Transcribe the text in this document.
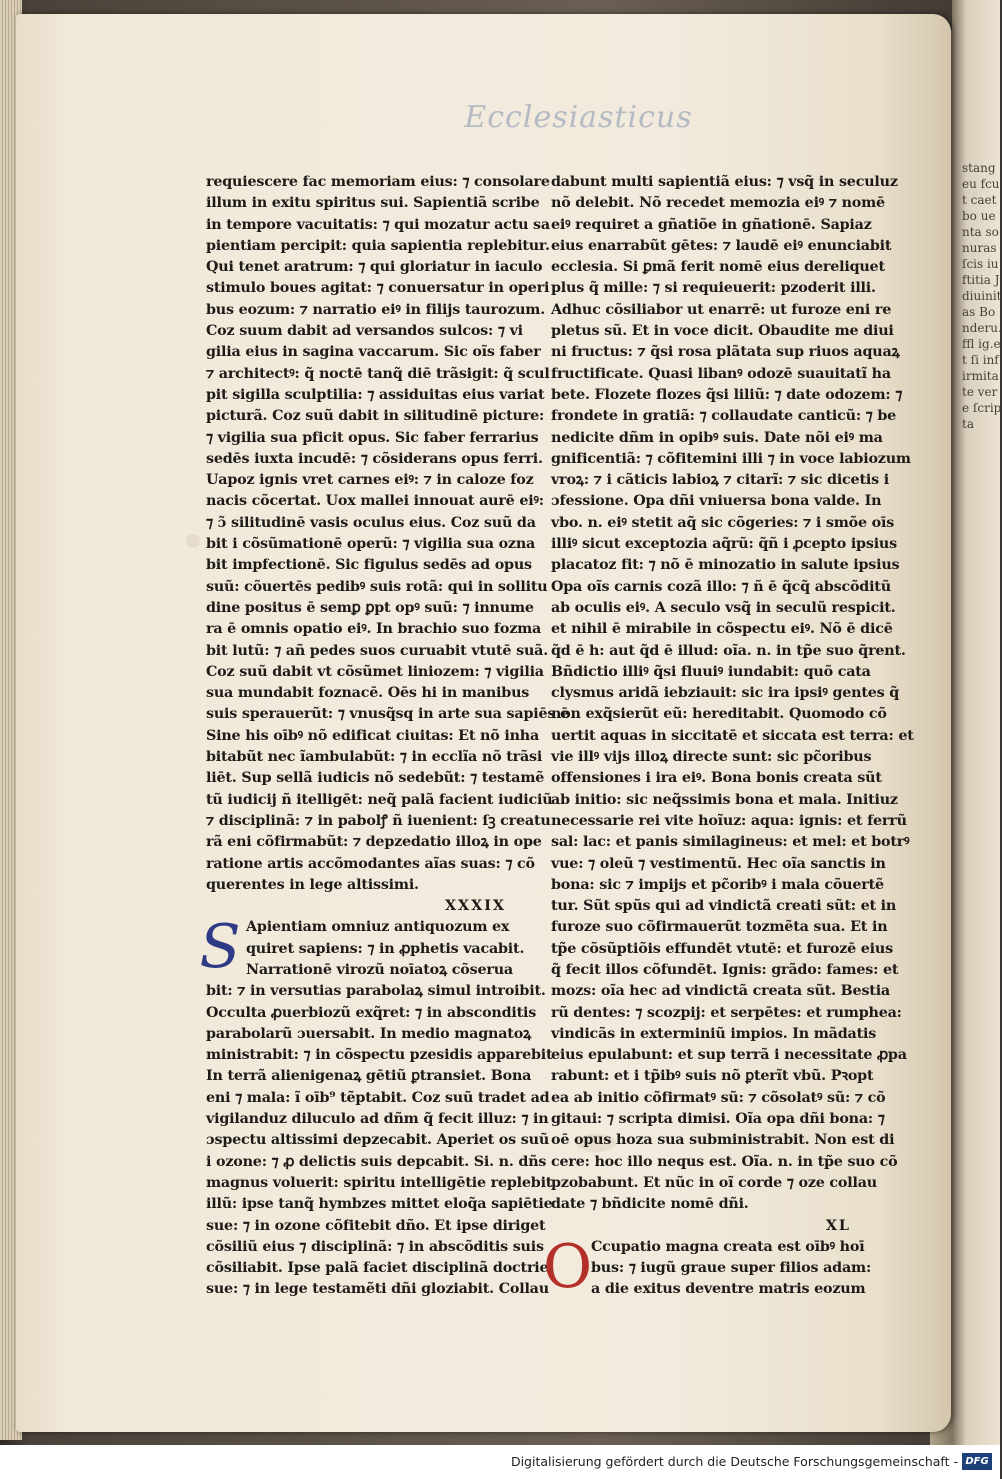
stangeu fcut caetbo uenta sonuras ſcis iuftitia Jdiuinitas Bonderu.ffl ig.et ſi infirmitate vere ſcripta
Ecclesiasticus
requiescere fac memoriam eius: ⁊ consolare
illum in exitu spiritus sui. Sapientiã scribe
in tempore vacuitatis: ⁊ qui mozatur actu sa
pientiam percipit: quia sapientia replebitur.
Qui tenet aratrum: ⁊ qui gloriatur in iaculo
stimulo boues agitat: ⁊ conuersatur in operi
bus eozum: ⁊ narratio eiꝰ in filijs taurozum.
Coz suum dabit ad versandos sulcos: ⁊ vi
gilia eius in sagina vaccarum. Sic oĩs faber
⁊ architectꝰ: q̃ noctē tanq̃ diē trãsigit: q̃ scul
pit sigilla sculptilia: ⁊ assiduitas eius variat
picturã. Coz suũ dabit in silitudinē picture:
⁊ vigilia sua pficit opus. Sic faber ferrarius
sedēs iuxta incudē: ⁊ cõsiderans opus ferri.
Uapoz ignis vret carnes eiꝰ: ⁊ in caloze foz
nacis cõcertat. Uox mallei innouat aurē eiꝰ:
⁊ ɔ̃ silitudinē vasis oculus eius. Coz suũ da
bit i cõsũmationē operũ: ⁊ vigilia sua ozna
bit impfectionē. Sic figulus sedēs ad opus
suũ: cõuertēs pedibꝰ suis rotã: qui in sollitu
dine positus ē semꝑ ꝑpt opꝰ suũ: ⁊ innume
ra ē omnis opatio eiꝰ. In brachio suo fozma
bit lutũ: ⁊ añ pedes suos curuabit vtutē suã.
Coz suũ dabit vt cõsũmet liniozem: ⁊ vigilia
sua mundabit foznacē. Oēs hi in manibus
suis sperauerũt: ⁊ vnusq̃sq in arte sua sapiēs ē
Sine his oībꝰ nõ edificat ciuitas: Et nõ inha
bitabũt nec ĩambulabũt: ⁊ in ecclĩa nõ trãsi
liēt. Sup sellã iudicis nõ sedebũt: ⁊ testamẽ
tũ iudicij ñ itelligēt: neq̃ palã facient iudiciũ
⁊ disciplinã: ⁊ in pabolꝭ ñ iuenient: ſꝫ creatu
rã eni cõfirmabũt: ⁊ depzedatio illoꝝ in ope
ratione artis accõmodantes aĩas suas: ⁊ cõ
querentes in lege altissimi.
XXXIX
S Apientiam omniuz antiquozum ex
quiret sapiens: ⁊ in ꝓphetis vacabit.
Narrationē virozũ noīatoꝝ cõserua
bit: ⁊ in versutias parabolaꝝ simul introibit.
Occulta ꝓuerbiozũ exq̃ret: ⁊ in absconditis
parabolarũ ɔuersabit. In medio magnatoꝝ
ministrabit: ⁊ in cõspectu pzesidis apparebit
In terrã alienigenaꝝ gētiũ ꝑtransiet. Bona
eni ⁊ mala: ĩ oīb⁹ tẽptabit. Coz suũ tradet ad
vigilanduz diluculo ad dñm q̃ fecit illuz: ⁊ in
ɔspectu altissimi depzecabit. Aperiet os suũ
i ozone: ⁊ ꝓ delictis suis depcabit. Si. n. dñs
magnus voluerit: spiritu intelligētie replebit
illũ: ipse tanq̃ hymbzes mittet eloq̃a sapiētie
sue: ⁊ in ozone cõfitebit dño. Et ipse diriget
cõsiliũ eius ⁊ disciplinã: ⁊ in abscõditis suis
cõsiliabit. Ipse palã faciet disciplinã doctrie
sue: ⁊ in lege testamẽti dñi gloziabit. Collau
dabunt multi sapientiã eius: ⁊ vsq̃ in seculuz
nõ delebit. Nõ recedet memozia eiꝰ ⁊ nomē
eiꝰ requiret a gñatiõe in gñationē. Sapiaz
eius enarrabũt gētes: ⁊ laudē eiꝰ enunciabit
ecclesia. Si ꝑmã ferit nomē eius dereliquet
plus q̃ mille: ⁊ si requieuerit: pzoderit illi.
Adhuc cõsiliabor ut enarrē: ut furoze eni re
pletus sũ. Et in voce dicit. Obaudite me diui
ni fructus: ⁊ q̃si rosa plãtata sup riuos aquaꝝ
fructificate. Quasi libanꝰ odozē suauitatĩ ha
bete. Flozete flozes q̃si liliũ: ⁊ date odozem: ⁊
frondete in gratiã: ⁊ collaudate canticũ: ⁊ be
nedicite dñm in opibꝰ suis. Date nõi eiꝰ ma
gnificentiã: ⁊ cõfitemini illi ⁊ in voce labiozum
vroꝝ: ⁊ i cãticis labioꝝ ⁊ citarĩ: ⁊ sic dicetis i
ɔfessione. Opa dñi vniuersa bona valde. In
vbo. n. eiꝰ stetit aq̃ sic cõgeries: ⁊ i smõe oīs
illiꝰ sicut exceptozia aq̃rũ: q̃ñ i ꝓcepto ipsius
placatoz fit: ⁊ nõ ē minozatio in salute ipsius
Opa oĩs carnis cozã illo: ⁊ ñ ē q̃cq̃ abscõditũ
ab oculis eiꝰ. A seculo vsq̃ in seculũ respicit.
et nihil ē mirabile in cõspectu eiꝰ. Nõ ē dicē
q̃d ē h: aut q̃d ē illud: oĩa. n. in tp̃e suo q̃rent.
Bñdictio illiꝰ q̃si fluuiꝰ iundabit: quõ cata
clysmus aridã iebziauit: sic ira ipsiꝰ gentes q̃
non exq̃sierũt eũ: hereditabit. Quomodo cõ
uertit aquas in siccitatē et siccata est terra: et
vie illꝰ vijs illoꝝ directe sunt: sic pc̃oribus
offensiones i ira eiꝰ. Bona bonis creata sũt
ab initio: sic neq̃ssimis bona et mala. Initiuz
necessarie rei vite hoĩuz: aqua: ignis: et ferrũ
sal: lac: et panis similagineus: et mel: et botrꝰ
vue: ⁊ oleũ ⁊ vestimentũ. Hec oĩa sanctis in
bona: sic ⁊ impijs et pc̃oribꝰ i mala cõuertẽ
tur. Sũt spũs qui ad vindictã creati sũt: et in
furoze suo cõfirmauerũt tozmẽta sua. Et in
tp̃e cõsũptiõis effundēt vtutē: et furozē eius
q̃ fecit illos cõfundēt. Ignis: grãdo: fames: et
mozs: oĩa hec ad vindictã creata sũt. Bestia
rũ dentes: ⁊ scozpij: et serpētes: et rumphea:
vindicãs in exterminiũ impios. In mãdatis
eius epulabunt: et sup terrã i necessitate ꝓpa
rabunt: et i tp̃ibꝰ suis nõ ꝑterĩt vbũ. Pꝛopt
ea ab initio cõfirmatꝰ sũ: ⁊ cõsolatꝰ sũ: ⁊ cõ
gitaui: ⁊ scripta dimisi. Oĩa opa dñi bona: ⁊
oē opus hoza sua subministrabit. Non est di
cere: hoc illo nequs est. Oĩa. n. in tp̃e suo cõ
pzobabunt. Et nũc in oĩ corde ⁊ oze collau
date ⁊ bñdicite nomē dñi.
XL
O Ccupatio magna creata est oībꝰ hoī
bus: ⁊ iugũ graue super filios adam:
a die exitus deventre matris eozum
Digitalisierung gefördert durch die Deutsche Forschungsgemeinschaft - DFG
